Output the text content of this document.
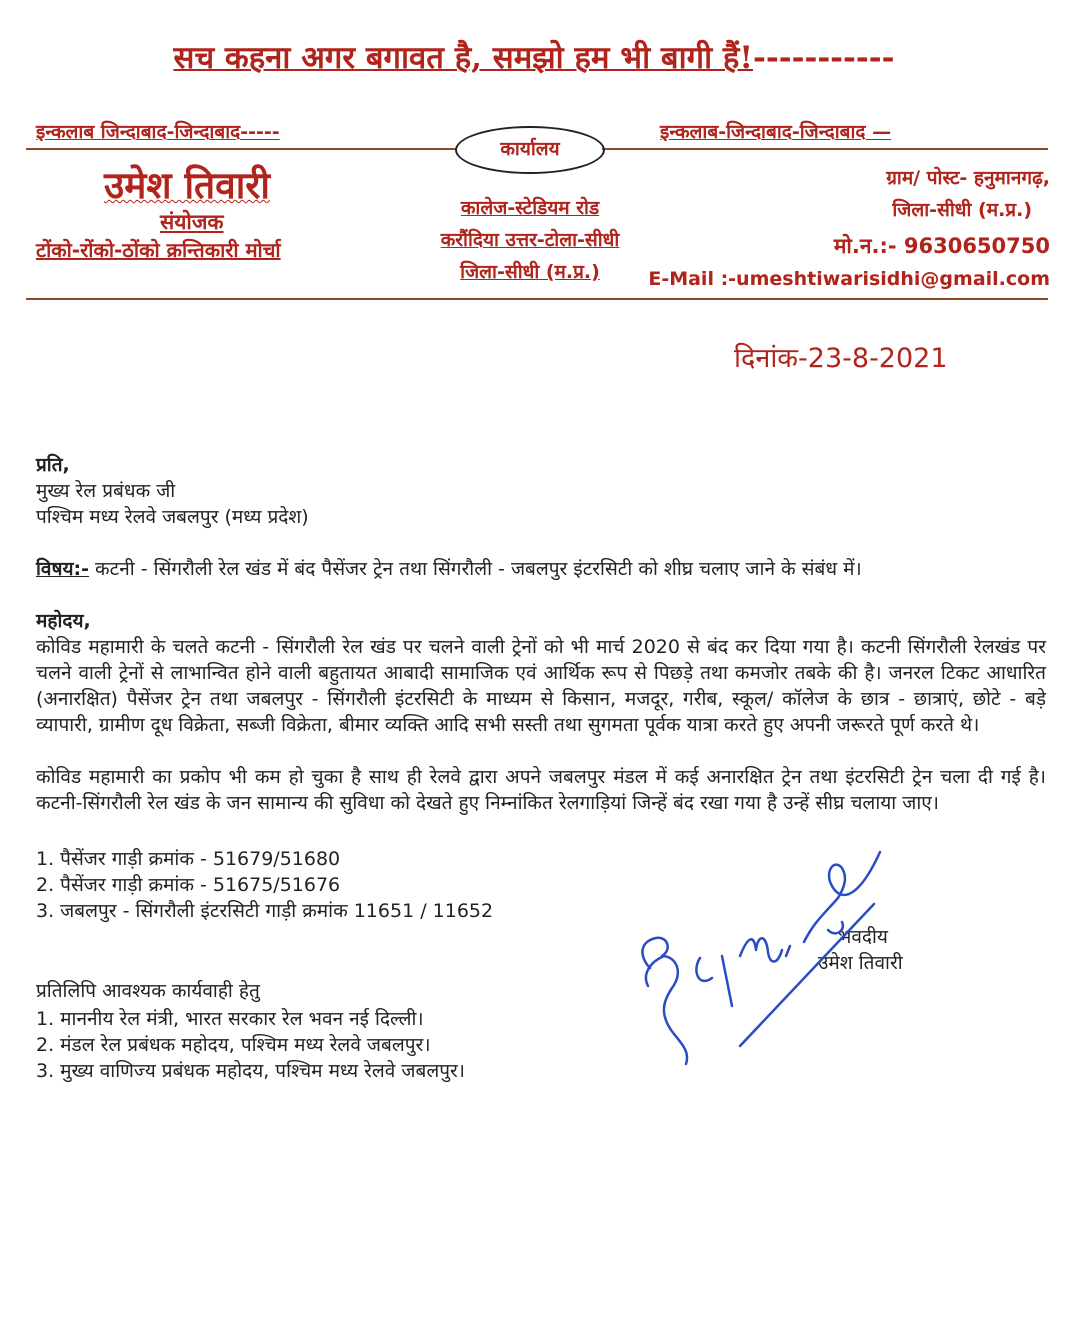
सच कहना अगर बगावत है, समझो हम भी बागी हैं!-----------
इन्कलाब जिन्दाबाद-जिन्दाबाद-----	इन्कलाब-जिन्दाबाद-जिन्दाबाद —
कार्यालय
उमेश तिवारी
संयोजक
टोंको-रोंको-ठोंको क्रन्तिकारी मोर्चा
कालेज-स्टेडियम रोड
करौंदिया उत्तर-टोला-सीधी
जिला-सीधी (म.प्र.)
ग्राम/ पोस्ट- हनुमानगढ़,
जिला-सीधी (म.प्र.)
मो.न.:- 9630650750
E-Mail :-umeshtiwarisidhi@gmail.com
दिनांक-23-8-2021
प्रति,
मुख्य रेल प्रबंधक जी
पश्चिम मध्य रेलवे जबलपुर (मध्य प्रदेश)
विषय:- कटनी - सिंगरौली रेल खंड में बंद पैसेंजर ट्रेन तथा सिंगरौली - जबलपुर इंटरसिटी को शीघ्र चलाए जाने के संबंध में।
महोदय,
कोविड महामारी के चलते कटनी - सिंगरौली रेल खंड पर चलने वाली ट्रेनों को भी मार्च 2020 से बंद कर दिया गया है। कटनी सिंगरौली रेलखंड पर चलने वाली ट्रेनों से लाभान्वित होने वाली बहुतायत आबादी सामाजिक एवं आर्थिक रूप से पिछड़े तथा कमजोर तबके की है। जनरल टिकट आधारित (अनारक्षित) पैसेंजर ट्रेन तथा जबलपुर - सिंगरौली इंटरसिटी के माध्यम से किसान, मजदूर, गरीब, स्कूल/ कॉलेज के छात्र - छात्राएं, छोटे - बड़े व्यापारी, ग्रामीण दूध विक्रेता, सब्जी विक्रेता, बीमार व्यक्ति आदि सभी सस्ती तथा सुगमता पूर्वक यात्रा करते हुए अपनी जरूरते पूर्ण करते थे।
कोविड महामारी का प्रकोप भी कम हो चुका है साथ ही रेलवे द्वारा अपने जबलपुर मंडल में कई अनारक्षित ट्रेन तथा इंटरसिटी ट्रेन चला दी गई है। कटनी-सिंगरौली रेल खंड के जन सामान्य की सुविधा को देखते हुए निम्नांकित रेलगाड़ियां जिन्हें बंद रखा गया है उन्हें सीघ्र चलाया जाए।
1. पैसेंजर गाड़ी क्रमांक - 51679/51680
2. पैसेंजर गाड़ी क्रमांक - 51675/51676
3. जबलपुर - सिंगरौली इंटरसिटी गाड़ी क्रमांक 11651 / 11652
भवदीय
उमेश तिवारी
प्रतिलिपि आवश्यक कार्यवाही हेतु
1. माननीय रेल मंत्री, भारत सरकार रेल भवन नई दिल्ली।
2. मंडल रेल प्रबंधक महोदय, पश्चिम मध्य रेलवे जबलपुर।
3. मुख्य वाणिज्य प्रबंधक महोदय, पश्चिम मध्य रेलवे जबलपुर।
